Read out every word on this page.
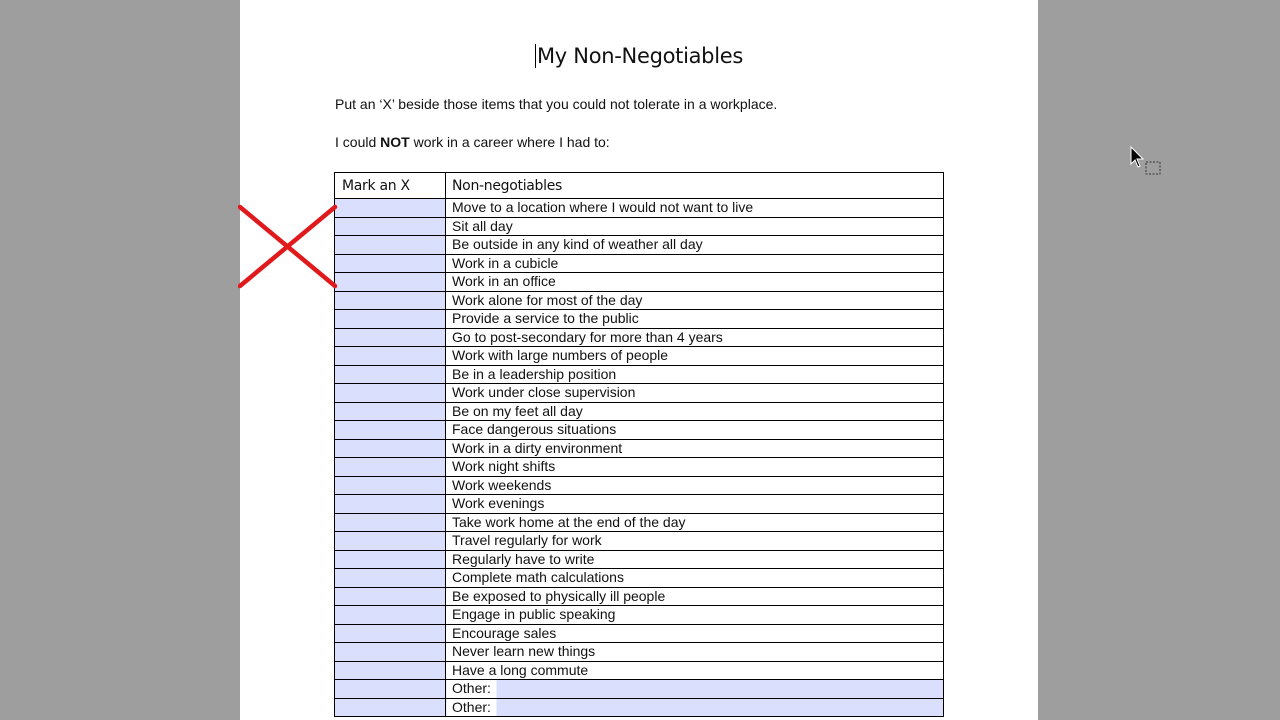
My Non-Negotiables
Put an ‘X’ beside those items that you could not tolerate in a workplace.
I could NOT work in a career where I had to:
Mark an X	Non-negotiables
	Move to a location where I would not want to live
	Sit all day
	Be outside in any kind of weather all day
	Work in a cubicle
	Work in an office
	Work alone for most of the day
	Provide a service to the public
	Go to post-secondary for more than 4 years
	Work with large numbers of people
	Be in a leadership position
	Work under close supervision
	Be on my feet all day
	Face dangerous situations
	Work in a dirty environment
	Work night shifts
	Work weekends
	Work evenings
	Take work home at the end of the day
	Travel regularly for work
	Regularly have to write
	Complete math calculations
	Be exposed to physically ill people
	Engage in public speaking
	Encourage sales
	Never learn new things
	Have a long commute
	Other:
	Other:
